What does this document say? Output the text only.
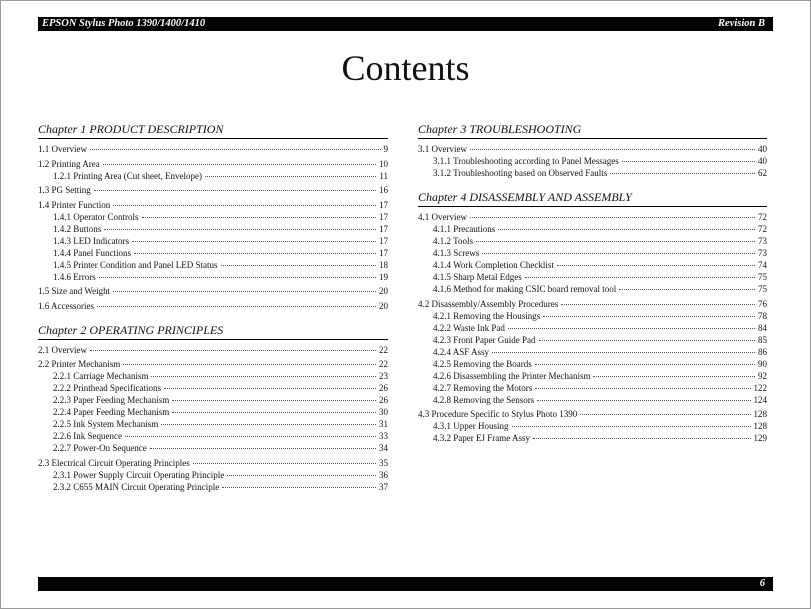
EPSON Stylus Photo 1390/1400/1410	Revision B
Contents
Chapter 1 PRODUCT DESCRIPTION
1.1 Overview	9
1.2 Printing Area	10
1.2.1 Printing Area (Cut sheet, Envelope)	11
1.3 PG Setting	16
1.4 Printer Function	17
1.4.1 Operator Controls	17
1.4.2 Buttons	17
1.4.3 LED Indicators	17
1.4.4 Panel Functions	17
1.4.5 Printer Condition and Panel LED Status	18
1.4.6 Errors	19
1.5 Size and Weight	20
1.6 Accessories	20
Chapter 2 OPERATING PRINCIPLES
2.1 Overview	22
2.2 Printer Mechanism	22
2.2.1 Carriage Mechanism	23
2.2.2 Printhead Specifications	26
2.2.3 Paper Feeding Mechanism	26
2.2.4 Paper Feeding Mechanism	30
2.2.5 Ink System Mechanism	31
2.2.6 Ink Sequence	33
2.2.7 Power-On Sequence	34
2.3 Electrical Circuit Operating Principles	35
2.3.1 Power Supply Circuit Operating Principle	36
2.3.2 C655 MAIN Circuit Operating Principle	37
Chapter 3 TROUBLESHOOTING
3.1 Overview	40
3.1.1 Troubleshooting according to Panel Messages	40
3.1.2 Troubleshooting based on Observed Faults	62
Chapter 4 DISASSEMBLY AND ASSEMBLY
4.1 Overview	72
4.1.1 Precautions	72
4.1.2 Tools	73
4.1.3 Screws	73
4.1.4 Work Completion Checklist	74
4.1.5 Sharp Metal Edges	75
4.1.6 Method for making CSIC board removal tool	75
4.2 Disassembly/Assembly Procedures	76
4.2.1 Removing the Housings	78
4.2.2 Waste Ink Pad	84
4.2.3 Front Paper Guide Pad	85
4.2.4 ASF Assy	86
4.2.5 Removing the Boards	90
4.2.6 Disassembling the Printer Mechanism	92
4.2.7 Removing the Motors	122
4.2.8 Removing the Sensors	124
4.3 Procedure Specific to Stylus Photo 1390	128
4.3.1 Upper Housing	128
4.3.2 Paper EJ Frame Assy	129
6
